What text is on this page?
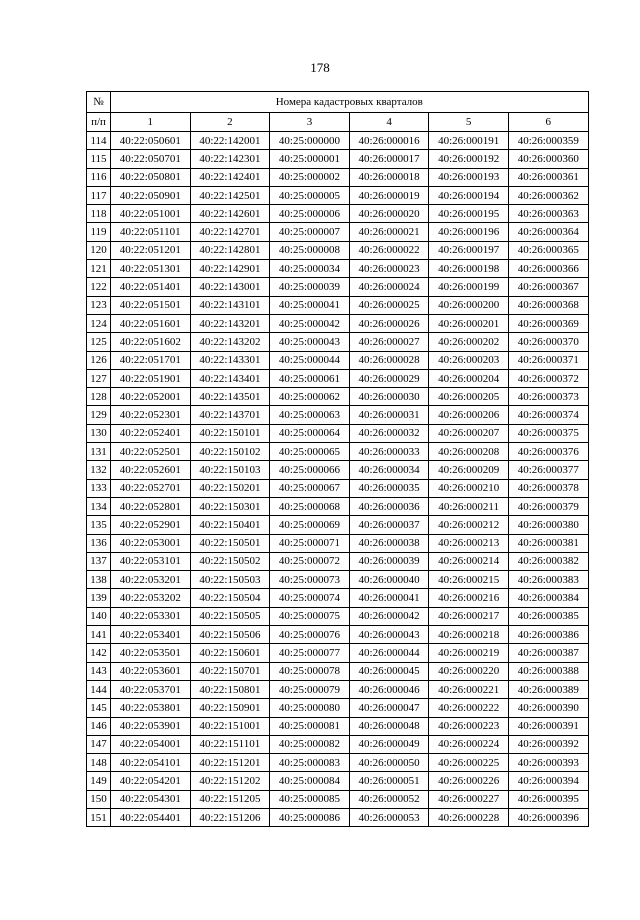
178
№	Номера кадастровых кварталов					
п/п	1	2	3	4	5	6
114	40:22:050601	40:22:142001	40:25:000000	40:26:000016	40:26:000191	40:26:000359
115	40:22:050701	40:22:142301	40:25:000001	40:26:000017	40:26:000192	40:26:000360
116	40:22:050801	40:22:142401	40:25:000002	40:26:000018	40:26:000193	40:26:000361
117	40:22:050901	40:22:142501	40:25:000005	40:26:000019	40:26:000194	40:26:000362
118	40:22:051001	40:22:142601	40:25:000006	40:26:000020	40:26:000195	40:26:000363
119	40:22:051101	40:22:142701	40:25:000007	40:26:000021	40:26:000196	40:26:000364
120	40:22:051201	40:22:142801	40:25:000008	40:26:000022	40:26:000197	40:26:000365
121	40:22:051301	40:22:142901	40:25:000034	40:26:000023	40:26:000198	40:26:000366
122	40:22:051401	40:22:143001	40:25:000039	40:26:000024	40:26:000199	40:26:000367
123	40:22:051501	40:22:143101	40:25:000041	40:26:000025	40:26:000200	40:26:000368
124	40:22:051601	40:22:143201	40:25:000042	40:26:000026	40:26:000201	40:26:000369
125	40:22:051602	40:22:143202	40:25:000043	40:26:000027	40:26:000202	40:26:000370
126	40:22:051701	40:22:143301	40:25:000044	40:26:000028	40:26:000203	40:26:000371
127	40:22:051901	40:22:143401	40:25:000061	40:26:000029	40:26:000204	40:26:000372
128	40:22:052001	40:22:143501	40:25:000062	40:26:000030	40:26:000205	40:26:000373
129	40:22:052301	40:22:143701	40:25:000063	40:26:000031	40:26:000206	40:26:000374
130	40:22:052401	40:22:150101	40:25:000064	40:26:000032	40:26:000207	40:26:000375
131	40:22:052501	40:22:150102	40:25:000065	40:26:000033	40:26:000208	40:26:000376
132	40:22:052601	40:22:150103	40:25:000066	40:26:000034	40:26:000209	40:26:000377
133	40:22:052701	40:22:150201	40:25:000067	40:26:000035	40:26:000210	40:26:000378
134	40:22:052801	40:22:150301	40:25:000068	40:26:000036	40:26:000211	40:26:000379
135	40:22:052901	40:22:150401	40:25:000069	40:26:000037	40:26:000212	40:26:000380
136	40:22:053001	40:22:150501	40:25:000071	40:26:000038	40:26:000213	40:26:000381
137	40:22:053101	40:22:150502	40:25:000072	40:26:000039	40:26:000214	40:26:000382
138	40:22:053201	40:22:150503	40:25:000073	40:26:000040	40:26:000215	40:26:000383
139	40:22:053202	40:22:150504	40:25:000074	40:26:000041	40:26:000216	40:26:000384
140	40:22:053301	40:22:150505	40:25:000075	40:26:000042	40:26:000217	40:26:000385
141	40:22:053401	40:22:150506	40:25:000076	40:26:000043	40:26:000218	40:26:000386
142	40:22:053501	40:22:150601	40:25:000077	40:26:000044	40:26:000219	40:26:000387
143	40:22:053601	40:22:150701	40:25:000078	40:26:000045	40:26:000220	40:26:000388
144	40:22:053701	40:22:150801	40:25:000079	40:26:000046	40:26:000221	40:26:000389
145	40:22:053801	40:22:150901	40:25:000080	40:26:000047	40:26:000222	40:26:000390
146	40:22:053901	40:22:151001	40:25:000081	40:26:000048	40:26:000223	40:26:000391
147	40:22:054001	40:22:151101	40:25:000082	40:26:000049	40:26:000224	40:26:000392
148	40:22:054101	40:22:151201	40:25:000083	40:26:000050	40:26:000225	40:26:000393
149	40:22:054201	40:22:151202	40:25:000084	40:26:000051	40:26:000226	40:26:000394
150	40:22:054301	40:22:151205	40:25:000085	40:26:000052	40:26:000227	40:26:000395
151	40:22:054401	40:22:151206	40:25:000086	40:26:000053	40:26:000228	40:26:000396
